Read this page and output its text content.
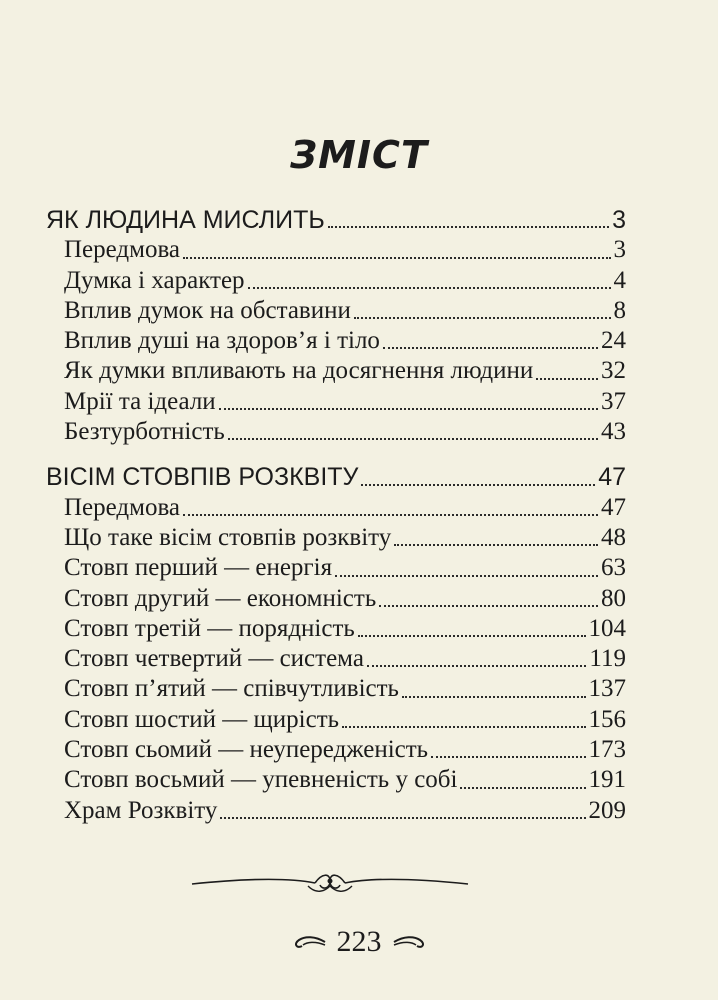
ЗМІСТ
ЯК ЛЮДИНА МИСЛИТЬ	3
Передмова	3
Думка і характер	4
Вплив думок на обставини	8
Вплив душі на здоров’я і тіло	24
Як думки впливають на досягнення людини	32
Мрії та ідеали	37
Безтурботність	43
ВІСІМ СТОВПІВ РОЗКВІТУ	47
Передмова	47
Що таке вісім стовпів розквіту	48
Стовп перший — енергія	63
Стовп другий — економність	80
Стовп третій — порядність	104
Стовп четвертий — система	119
Стовп п’ятий — співчутливість	137
Стовп шостий — щирість	156
Стовп сьомий — неупередженість	173
Стовп восьмий — упевненість у собі	191
Храм Розквіту	209
223
